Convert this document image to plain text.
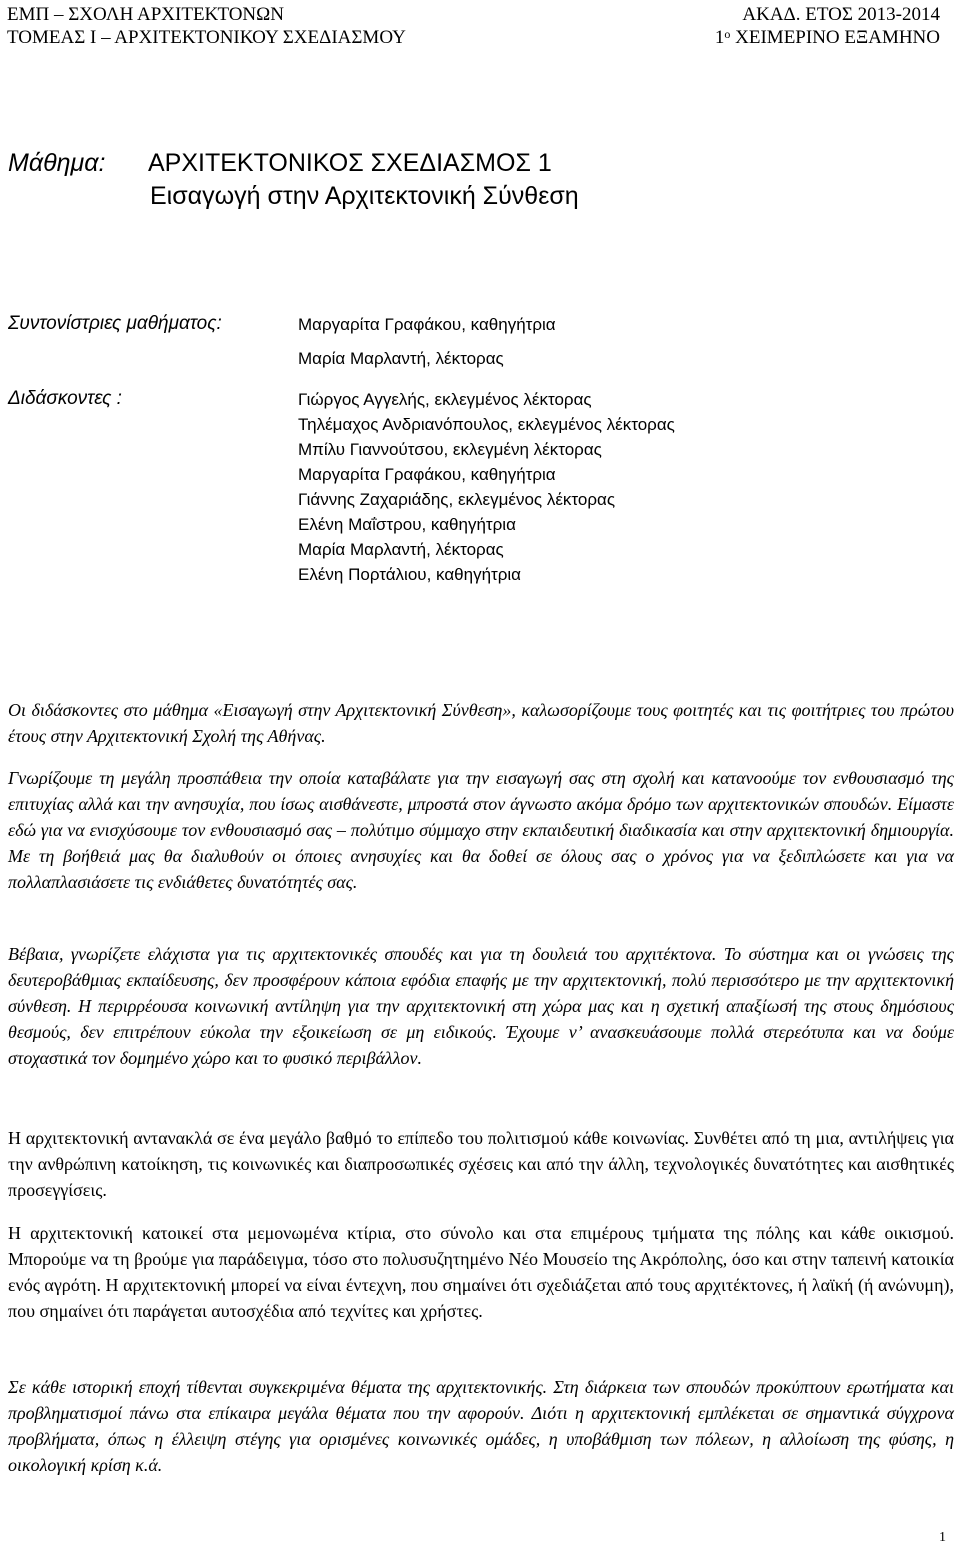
ΕΜΠ – ΣΧΟΛΗ ΑΡΧΙΤΕΚΤΟΝΩΝ	ΑΚΑΔ. ΕΤΟΣ 2013-2014
ΤΟΜΕΑΣ Ι – ΑΡΧΙΤΕΚΤΟΝΙΚΟΥ ΣΧΕΔΙΑΣΜΟΥ	$1^o$ ΧΕΙΜΕΡΙΝΟ ΕΞΑΜΗΝΟ
Μάθημα: ΑΡΧΙΤΕΚΤΟΝΙΚΟΣ ΣΧΕΔΙΑΣΜΟΣ 1
Εισαγωγή στην Αρχιτεκτονική Σύνθεση
Συντονίστριες μαθήματος:	Μαργαρίτα Γραφάκου, καθηγήτρια
Μαρία Μαρλαντή, λέκτορας
Διδάσκοντες :	Γιώργος Αγγελής, εκλεγμένος λέκτορας
Τηλέμαχος Ανδριανόπουλος, εκλεγμένος λέκτορας
Μπίλυ Γιαννούτσου, εκλεγμένη λέκτορας
Μαργαρίτα Γραφάκου, καθηγήτρια
Γιάννης Ζαχαριάδης, εκλεγμένος λέκτορας
Ελένη Μαΐστρου, καθηγήτρια
Μαρία Μαρλαντή, λέκτορας
Ελένη Πορτάλιου, καθηγήτρια
Οι διδάσκοντες στο μάθημα «Εισαγωγή στην Αρχιτεκτονική Σύνθεση», καλωσορίζουμε τους φοιτητές και τις φοιτήτριες του πρώτου έτους στην Αρχιτεκτονική Σχολή της Αθήνας.
Γνωρίζουμε τη μεγάλη προσπάθεια την οποία καταβάλατε για την εισαγωγή σας στη σχολή και κατανοούμε τον ενθουσιασμό της επιτυχίας αλλά και την ανησυχία, που ίσως αισθάνεστε, μπροστά στον άγνωστο ακόμα δρόμο των αρχιτεκτονικών σπουδών. Είμαστε εδώ για να ενισχύσουμε τον ενθουσιασμό σας – πολύτιμο σύμμαχο στην εκπαιδευτική διαδικασία και στην αρχιτεκτονική δημιουργία. Με τη βοήθειά μας θα διαλυθούν οι όποιες ανησυχίες και θα δοθεί σε όλους σας ο χρόνος για να ξεδιπλώσετε και για να πολλαπλασιάσετε τις ενδιάθετες δυνατότητές σας.
Βέβαια, γνωρίζετε ελάχιστα για τις αρχιτεκτονικές σπουδές και για τη δουλειά του αρχιτέκτονα. Το σύστημα και οι γνώσεις της δευτεροβάθμιας εκπαίδευσης, δεν προσφέρουν κάποια εφόδια επαφής με την αρχιτεκτονική, πολύ περισσότερο με την αρχιτεκτονική σύνθεση. Η περιρρέουσα κοινωνική αντίληψη για την αρχιτεκτονική στη χώρα μας και η σχετική απαξίωσή της στους δημόσιους θεσμούς, δεν επιτρέπουν εύκολα την εξοικείωση σε μη ειδικούς. Έχουμε ν’ ανασκευάσουμε πολλά στερεότυπα και να δούμε στοχαστικά τον δομημένο χώρο και το φυσικό περιβάλλον.
Η αρχιτεκτονική αντανακλά σε ένα μεγάλο βαθμό το επίπεδο του πολιτισμού κάθε κοινωνίας. Συνθέτει από τη μια, αντιλήψεις για την ανθρώπινη κατοίκηση, τις κοινωνικές και διαπροσωπικές σχέσεις και από την άλλη, τεχνολογικές δυνατότητες και αισθητικές προσεγγίσεις.
Η αρχιτεκτονική κατοικεί στα μεμονωμένα κτίρια, στο σύνολο και στα επιμέρους τμήματα της πόλης και κάθε οικισμού. Μπορούμε να τη βρούμε για παράδειγμα, τόσο στο πολυσυζητημένο Νέο Μουσείο της Ακρόπολης, όσο και στην ταπεινή κατοικία ενός αγρότη. Η αρχιτεκτονική μπορεί να είναι έντεχνη, που σημαίνει ότι σχεδιάζεται από τους αρχιτέκτονες, ή λαϊκή (ή ανώνυμη), που σημαίνει ότι παράγεται αυτοσχέδια από τεχνίτες και χρήστες.
Σε κάθε ιστορική εποχή τίθενται συγκεκριμένα θέματα της αρχιτεκτονικής. Στη διάρκεια των σπουδών προκύπτουν ερωτήματα και προβληματισμοί πάνω στα επίκαιρα μεγάλα θέματα που την αφορούν. Διότι η αρχιτεκτονική εμπλέκεται σε σημαντικά σύγχρονα προβλήματα, όπως η έλλειψη στέγης για ορισμένες κοινωνικές ομάδες, η υποβάθμιση των πόλεων, η αλλοίωση της φύσης, η οικολογική κρίση κ.ά.
1
